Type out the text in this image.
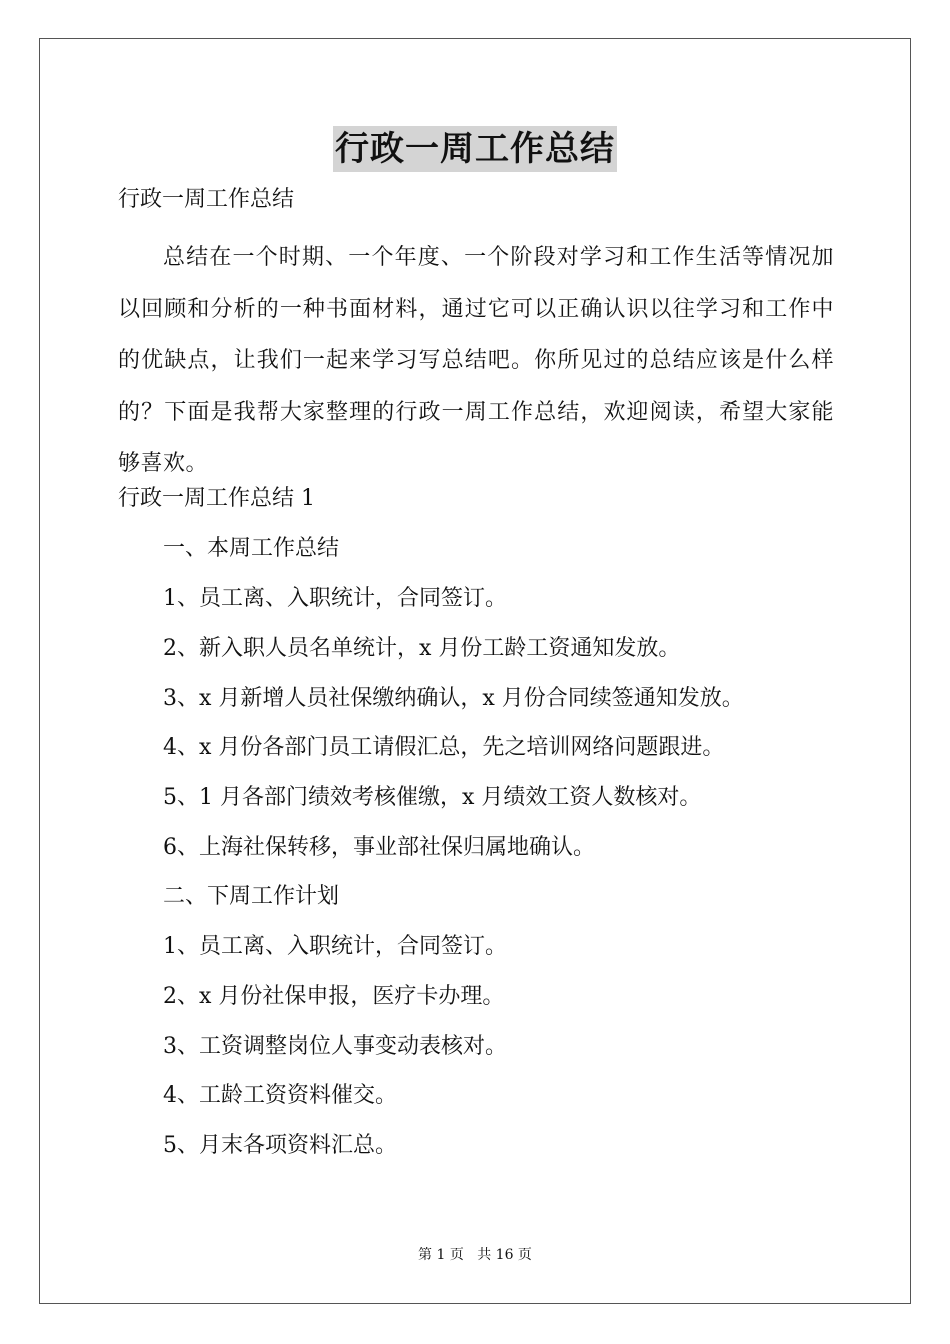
行政一周工作总结
行政一周工作总结
总结在一个时期、一个年度、一个阶段对学习和工作生活等情况加以回顾和分析的一种书面材料，通过它可以正确认识以往学习和工作中的优缺点，让我们一起来学习写总结吧。你所见过的总结应该是什么样的？下面是我帮大家整理的行政一周工作总结，欢迎阅读，希望大家能够喜欢。
行政一周工作总结 1
一、本周工作总结
1、员工离、入职统计，合同签订。
2、新入职人员名单统计，x 月份工龄工资通知发放。
3、x 月新增人员社保缴纳确认，x 月份合同续签通知发放。
4、x 月份各部门员工请假汇总，先之培训网络问题跟进。
5、1 月各部门绩效考核催缴，x 月绩效工资人数核对。
6、上海社保转移，事业部社保归属地确认。
二、下周工作计划
1、员工离、入职统计，合同签订。
2、x 月份社保申报，医疗卡办理。
3、工资调整岗位人事变动表核对。
4、工龄工资资料催交。
5、月末各项资料汇总。
第 1 页 共 16 页
